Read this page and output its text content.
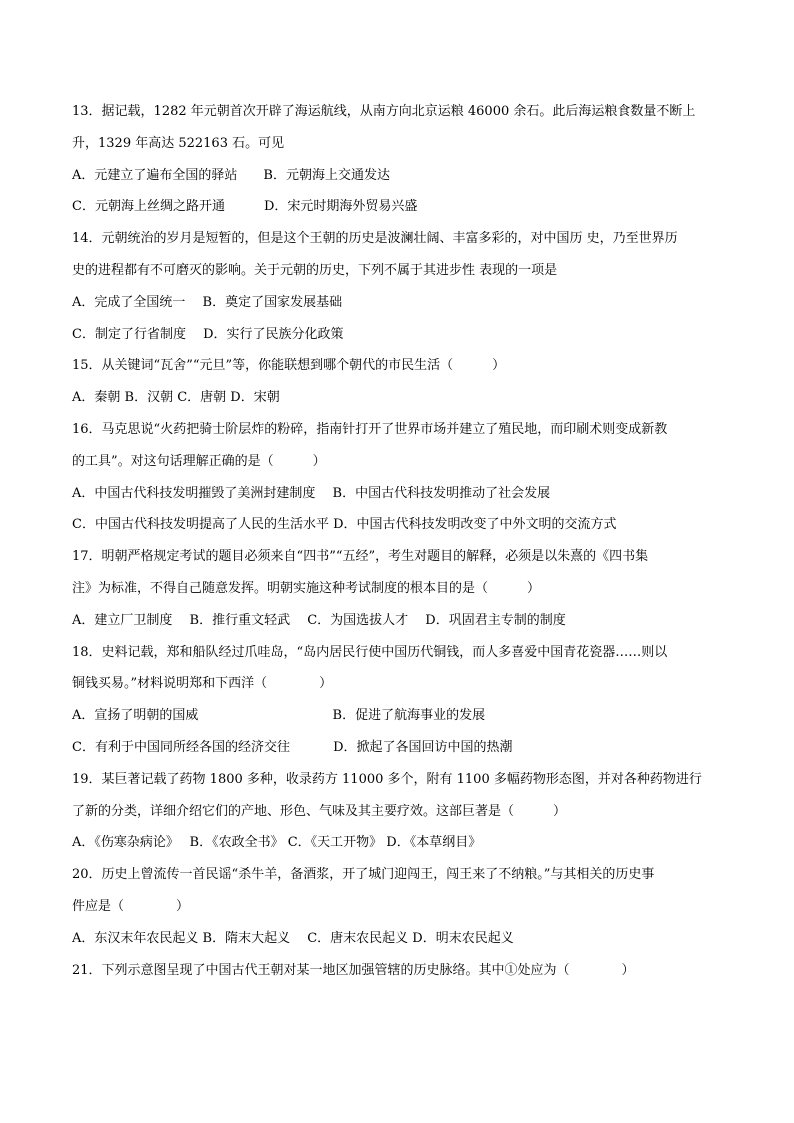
13．据记载，1282 年元朝首次开辟了海运航线，从南方向北京运粮 46000 余石。此后海运粮食数量不断上
升，1329 年高达 522163 石。可见
A．元建立了遍布全国的驿站　　B．元朝海上交通发达
C．元朝海上丝绸之路开通　　　D．宋元时期海外贸易兴盛
14．元朝统治的岁月是短暂的，但是这个王朝的历史是波澜壮阔、丰富多彩的，对中国历 史，乃至世界历
史的进程都有不可磨灭的影响。关于元朝的历史，下列不属于其进步性 表现的一项是
A．完成了全国统一　 B．奠定了国家发展基础
C．制定了行省制度　 D．实行了民族分化政策
15．从关键词“瓦舍”“元旦”等，你能联想到哪个朝代的市民生活（　　　）
A．秦朝 B．汉朝 C．唐朝 D．宋朝
16．马克思说“火药把骑士阶层炸的粉碎，指南针打开了世界市场并建立了殖民地，而印刷术则变成新教
的工具”。对这句话理解正确的是（　　　）
A．中国古代科技发明摧毁了美洲封建制度　 B．中国古代科技发明推动了社会发展
C．中国古代科技发明提高了人民的生活水平 D．中国古代科技发明改变了中外文明的交流方式
17．明朝严格规定考试的题目必须来自“四书”“五经”，考生对题目的解释，必须是以朱熹的《四书集
注》为标准，不得自己随意发挥。明朝实施这种考试制度的根本目的是（　　　）
A．建立厂卫制度　 B．推行重文轻武　 C．为国选拔人才　 D．巩固君主专制的制度
18．史料记载，郑和船队经过爪哇岛，“岛内居民行使中国历代铜钱，而人多喜爱中国青花瓷器……则以
铜钱买易。”材料说明郑和下西洋（　　　　）
A．宣扬了明朝的国威　　　　　　　　　　 B．促进了航海事业的发展
C．有利于中国同所经各国的经济交往　　　 D．掀起了各国回访中国的热潮
19．某巨著记载了药物 1800 多种，收录药方 11000 多个，附有 1100 多幅药物形态图，并对各种药物进行
了新的分类，详细介绍它们的产地、形色、气味及其主要疗效。这部巨著是（　　　）
A．《伤寒杂病论》　 B．《农政全书》 C．《天工开物》 D．《本草纲目》
20．历史上曾流传一首民谣“杀牛羊，备酒浆，开了城门迎闯王，闯王来了不纳粮。”与其相关的历史事
件应是（　　　　）
A．东汉末年农民起义 B．隋末大起义　 C．唐末农民起义 D．明末农民起义
21．下列示意图呈现了中国古代王朝对某一地区加强管辖的历史脉络。其中①处应为（　　　　）
